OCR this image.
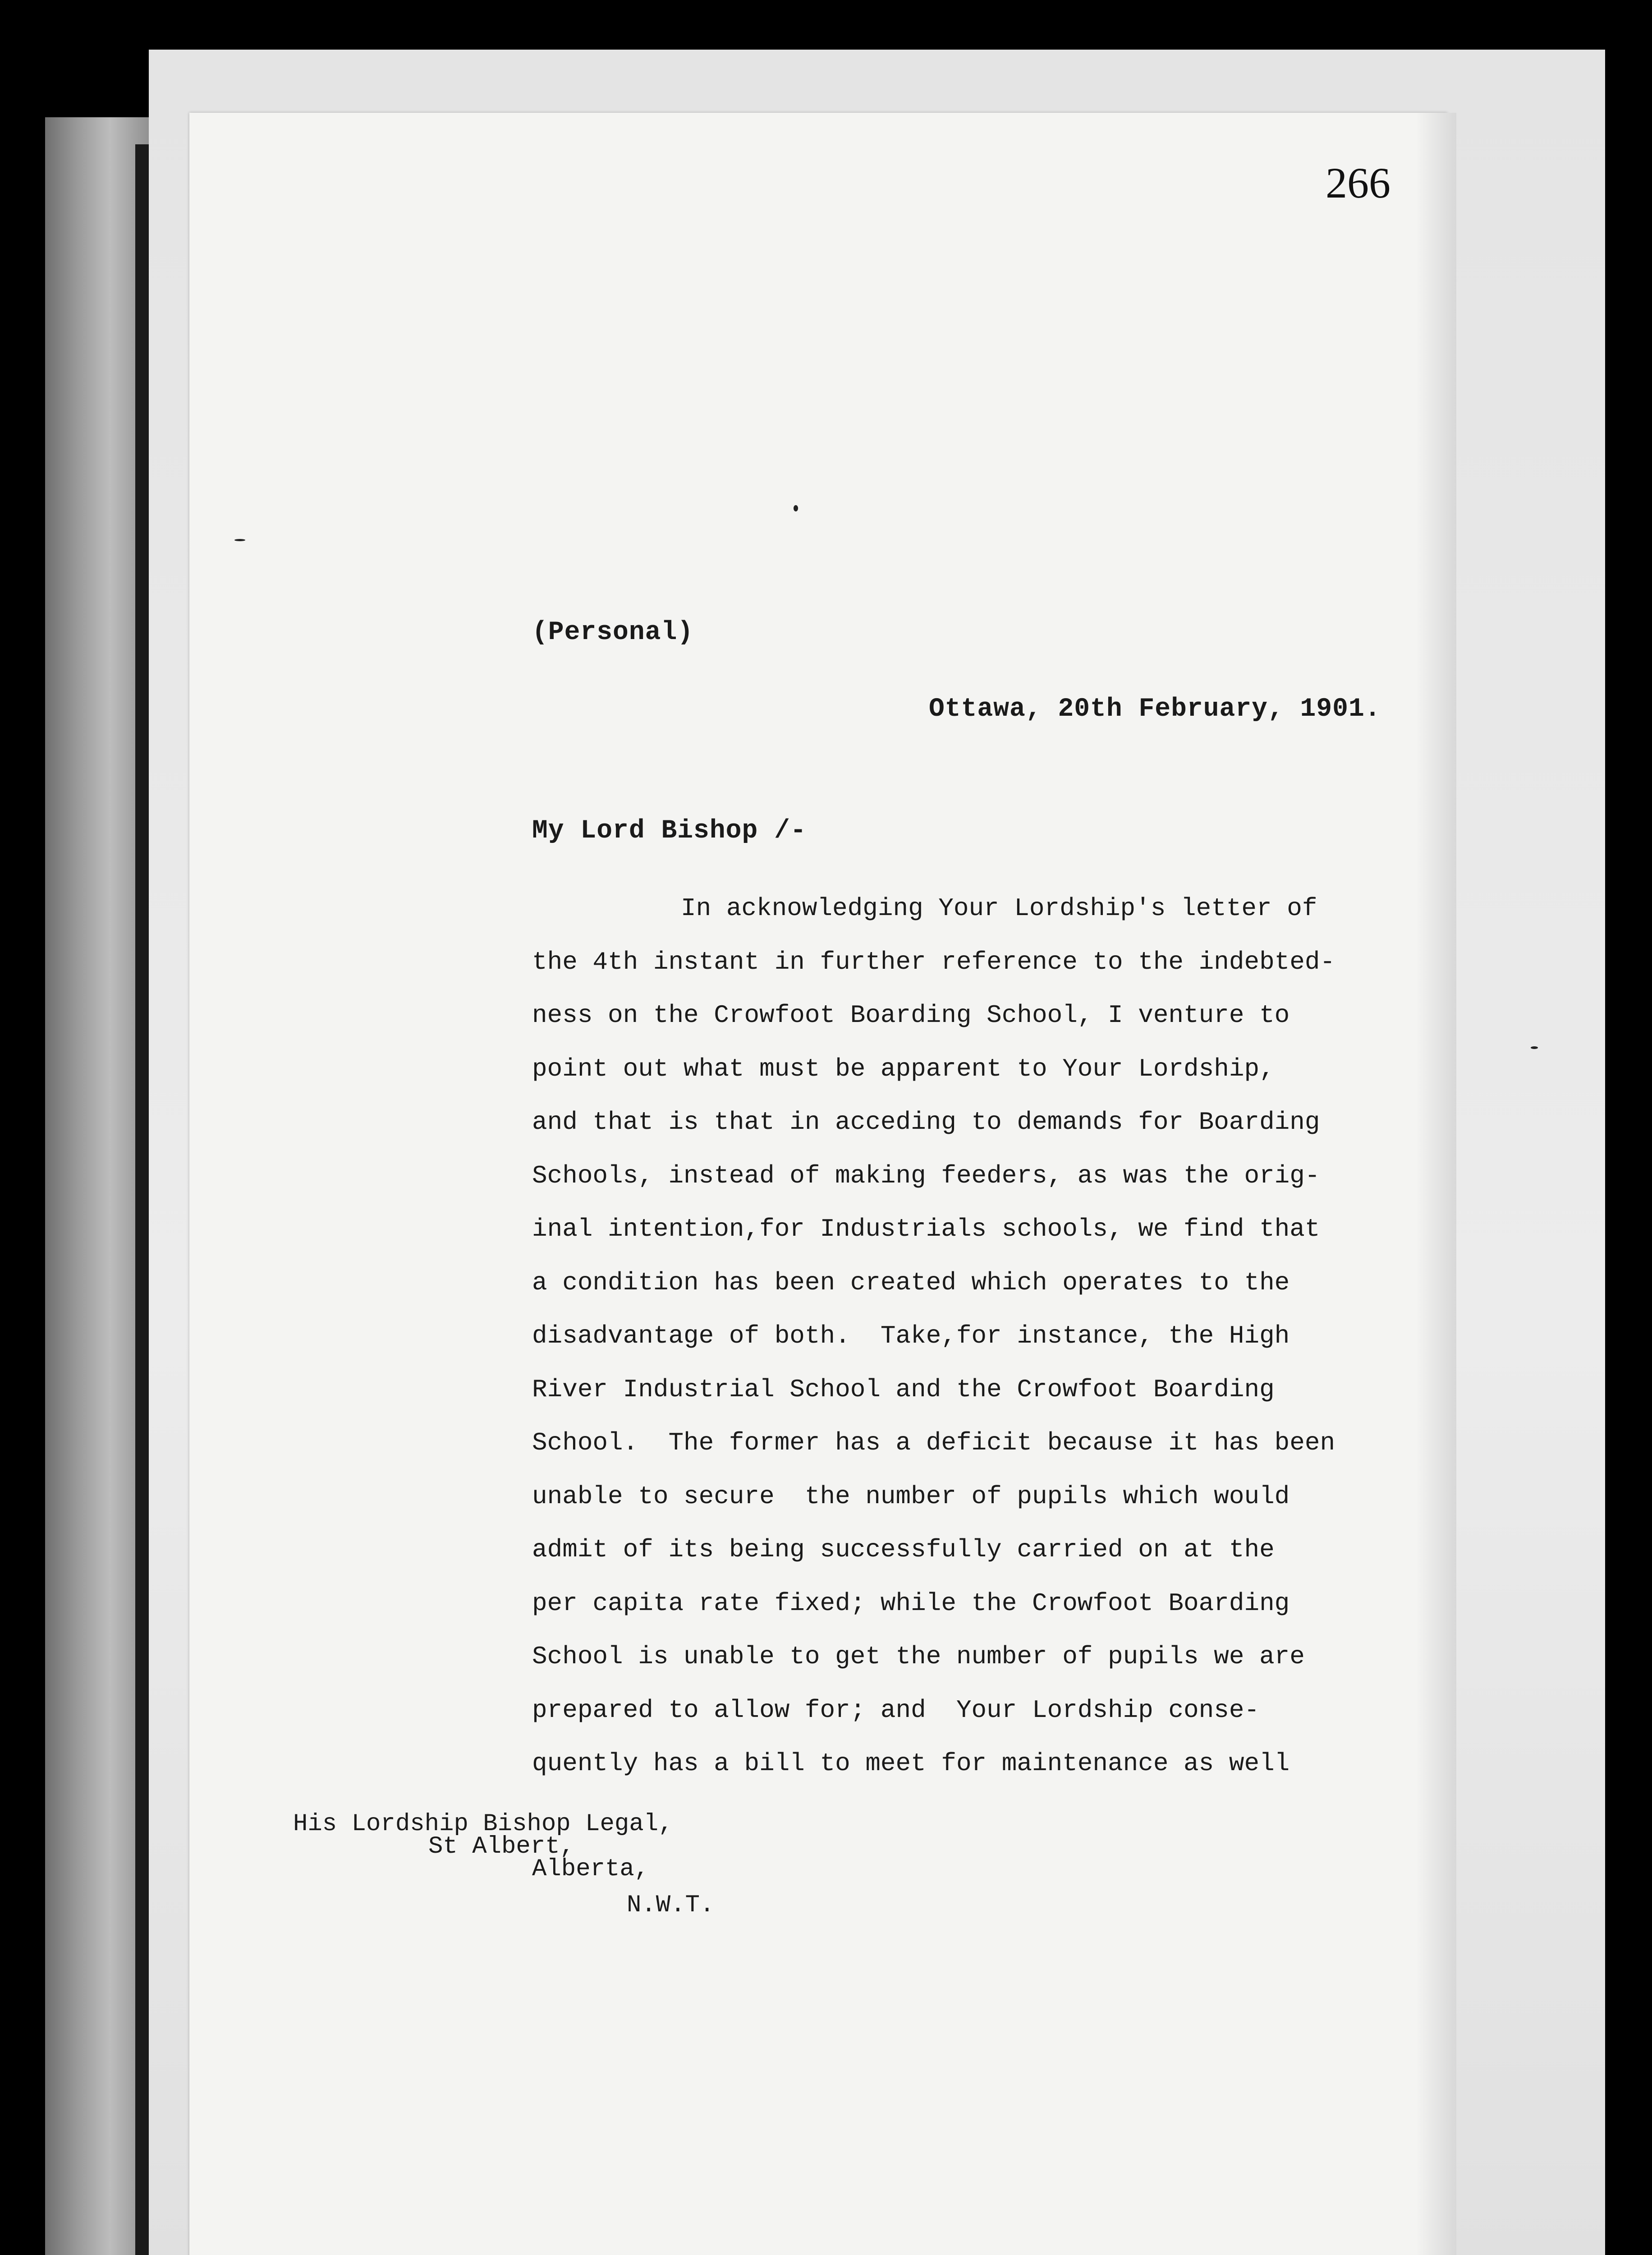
266
(Personal)
Ottawa, 20th February, 1901.
My Lord Bishop /-
In acknowledging Your Lordship's letter of
the 4th instant in further reference to the indebted-
ness on the Crowfoot Boarding School, I venture to
point out what must be apparent to Your Lordship,
and that is that in acceding to demands for Boarding
Schools, instead of making feeders, as was the orig-
inal intention,for Industrials schools, we find that
a condition has been created which operates to the
disadvantage of both.  Take,for instance, the High
River Industrial School and the Crowfoot Boarding
School.  The former has a deficit because it has been
unable to secure  the number of pupils which would
admit of its being successfully carried on at the
per capita rate fixed; while the Crowfoot Boarding
School is unable to get the number of pupils we are
prepared to allow for; and  Your Lordship conse-
quently has a bill to meet for maintenance as well
His Lordship Bishop Legal,
St Albert,
Alberta,
N.W.T.
